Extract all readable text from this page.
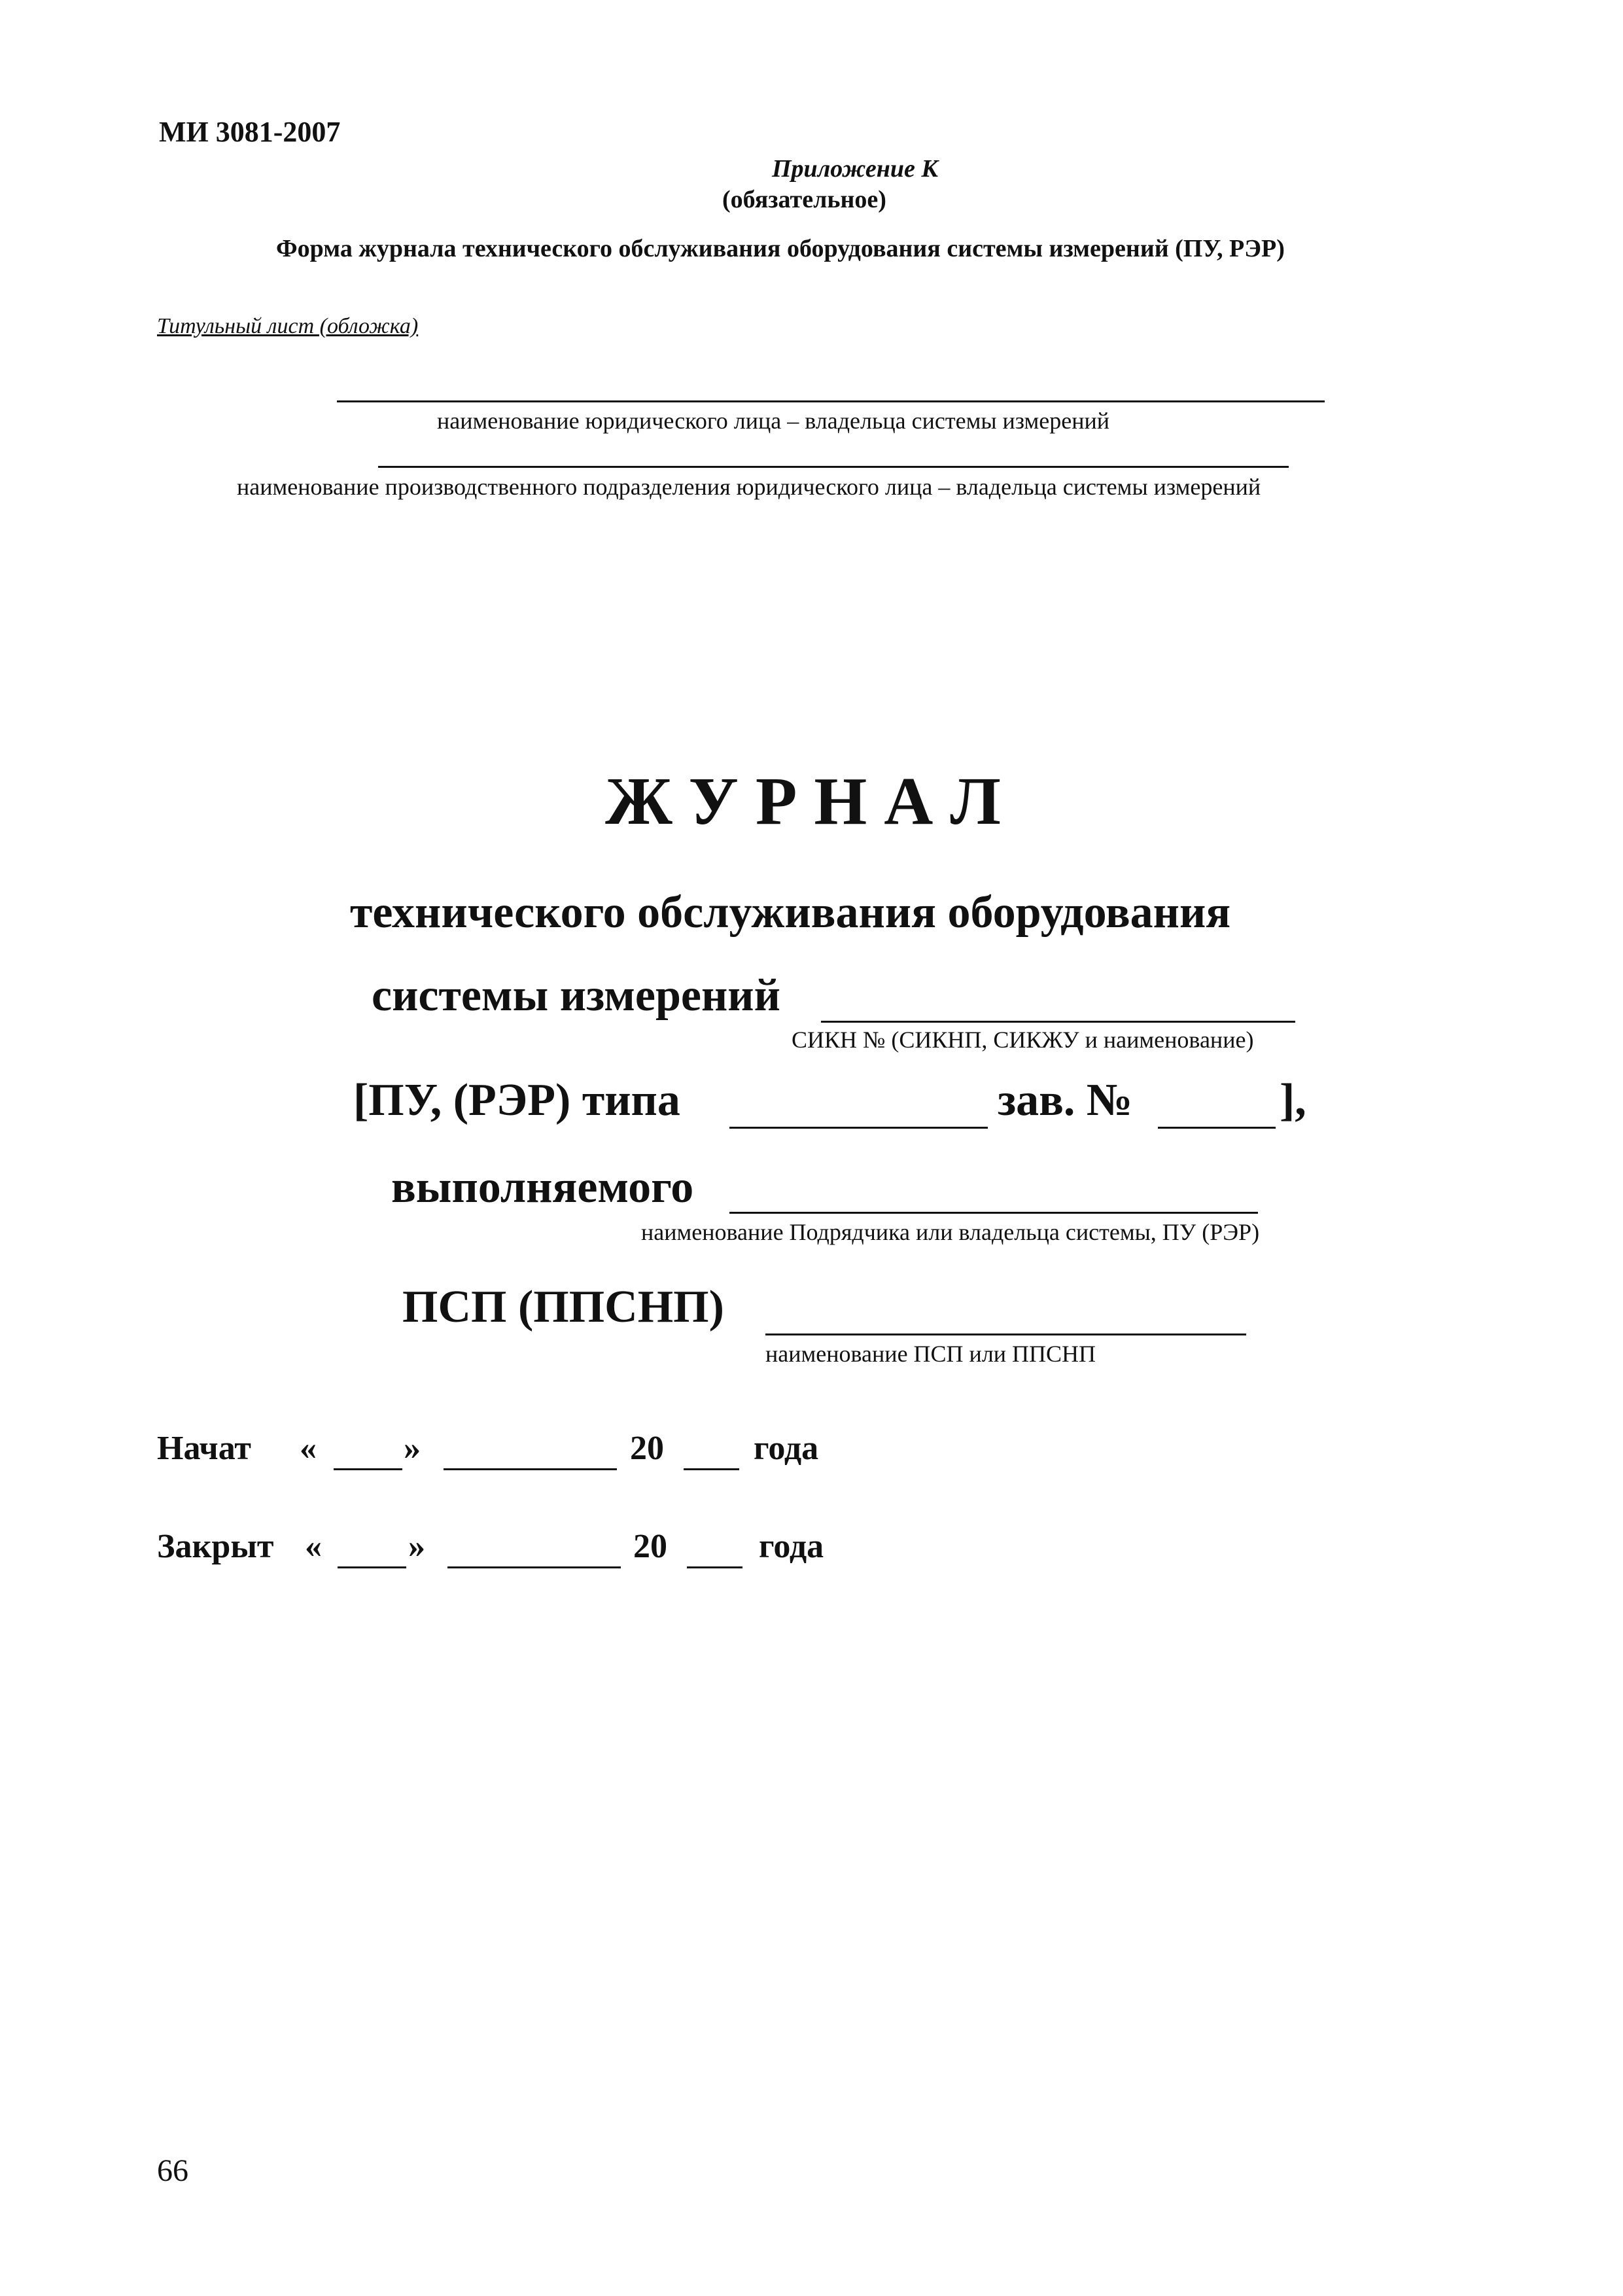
МИ 3081-2007
Приложение К
(обязательное)
Форма журнала технического обслуживания оборудования системы измерений (ПУ, РЭР)
Титульный лист (обложка)
наименование юридического лица – владельца системы измерений
наименование производственного подразделения юридического лица – владельца системы измерений
ЖУРНАЛ
технического обслуживания оборудования
системы измерений
СИКН № (СИКНП, СИКЖУ и наименование)
[ПУ, (РЭР) типа	зав. №	],
выполняемого
наименование Подрядчика или владельца системы, ПУ (РЭР)
ПСП (ППСНП)
наименование ПСП или ППСНП
Начат «	»	20	года
Закрыт «	»	20	года
66
